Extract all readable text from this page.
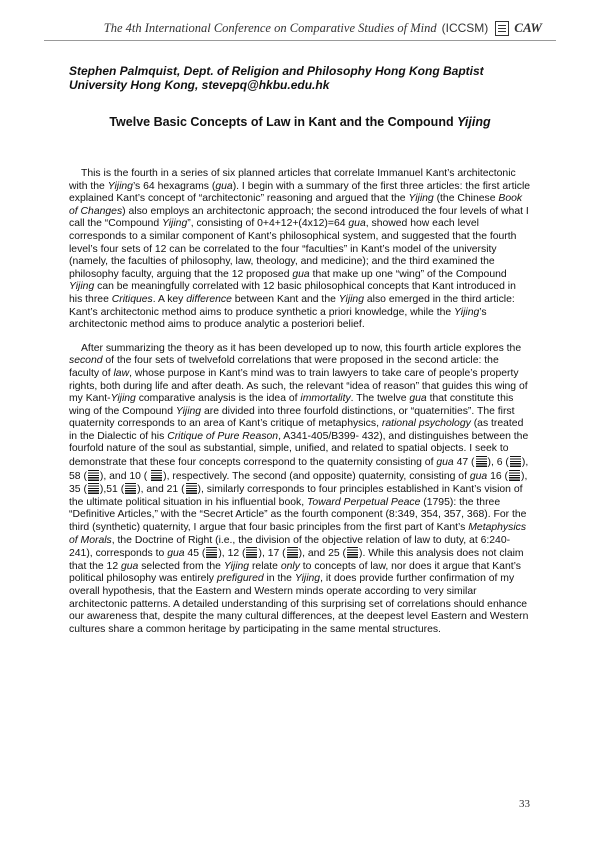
The 4th International Conference on Comparative Studies of Mind (ICCSM) CAW
Stephen Palmquist, Dept. of Religion and Philosophy Hong Kong Baptist University Hong Kong, stevepq@hkbu.edu.hk
Twelve Basic Concepts of Law in Kant and the Compound Yijing

This is the fourth in a series of six planned articles that correlate Immanuel Kant’s architectonic with the Yijing’s 64 hexagrams (gua). I begin with a summary of the first three articles: the first article explained Kant’s concept of “architectonic” reasoning and argued that the Yijing (the Chinese Book of Changes) also employs an architectonic approach; the second introduced the four levels of what I call the “Compound Yijing”, consisting of 0+4+12+(4x12)=64 gua, showed how each level corresponds to a similar component of Kant’s philosophical system, and suggested that the fourth level’s four sets of 12 can be correlated to the four “faculties” in Kant’s model of the university (namely, the faculties of philosophy, law, theology, and medicine); and the third examined the philosophy faculty, arguing that the 12 proposed gua that make up one “wing” of the Compound Yijing can be meaningfully correlated with 12 basic philosophical concepts that Kant introduced in his three Critiques. A key difference between Kant and the Yijing also emerged in the third article: Kant’s architectonic method aims to produce synthetic a priori knowledge, while the Yijing’s architectonic method aims to produce analytic a posteriori belief.

After summarizing the theory as it has been developed up to now, this fourth article explores the second of the four sets of twelvefold correlations that were proposed in the second article: the faculty of law, whose purpose in Kant’s mind was to train lawyers to take care of people’s property rights, both during life and after death. As such, the relevant “idea of reason” that guides this wing of my Kant-Yijing comparative analysis is the idea of immortality. The twelve gua that constitute this wing of the Compound Yijing are divided into three fourfold distinctions, or “quaternities”. The first quaternity corresponds to an area of Kant’s critique of metaphysics, rational psychology (as treated in the Dialectic of his Critique of Pure Reason, A341-405/B399- 432), and distinguishes between the fourfold nature of the soul as substantial, simple, unified, and related to spatial objects. I seek to demonstrate that these four concepts correspond to the quaternity consisting of gua 47 ( ), 6 ( ), 58 ( ), and 10 ( ), respectively. The second (and opposite) quaternity, consisting of gua 16 ( ), 35 ( ),51 ( ), and 21 ( ), similarly corresponds to four principles established in Kant’s vision of the ultimate political situation in his influential book, Toward Perpetual Peace (1795): the three “Definitive Articles,” with the “Secret Article” as the fourth component (8:349, 354, 357, 368). For the third (synthetic) quaternity, I argue that four basic principles from the first part of Kant’s Metaphysics of Morals, the Doctrine of Right (i.e., the division of the objective relation of law to duty, at 6:240-241), corresponds to gua 45 ( ), 12 ( ), 17 ( ), and 25 ( ). While this analysis does not claim that the 12 gua selected from the Yijing relate only to concepts of law, nor does it argue that Kant’s political philosophy was entirely prefigured in the Yijing, it does provide further confirmation of my overall hypothesis, that the Eastern and Western minds operate according to very similar architectonic patterns. A detailed understanding of this surprising set of correlations should enhance our awareness that, despite the many cultural differences, at the deepest level Eastern and Western cultures share a common heritage by participating in the same mental structures.

33
